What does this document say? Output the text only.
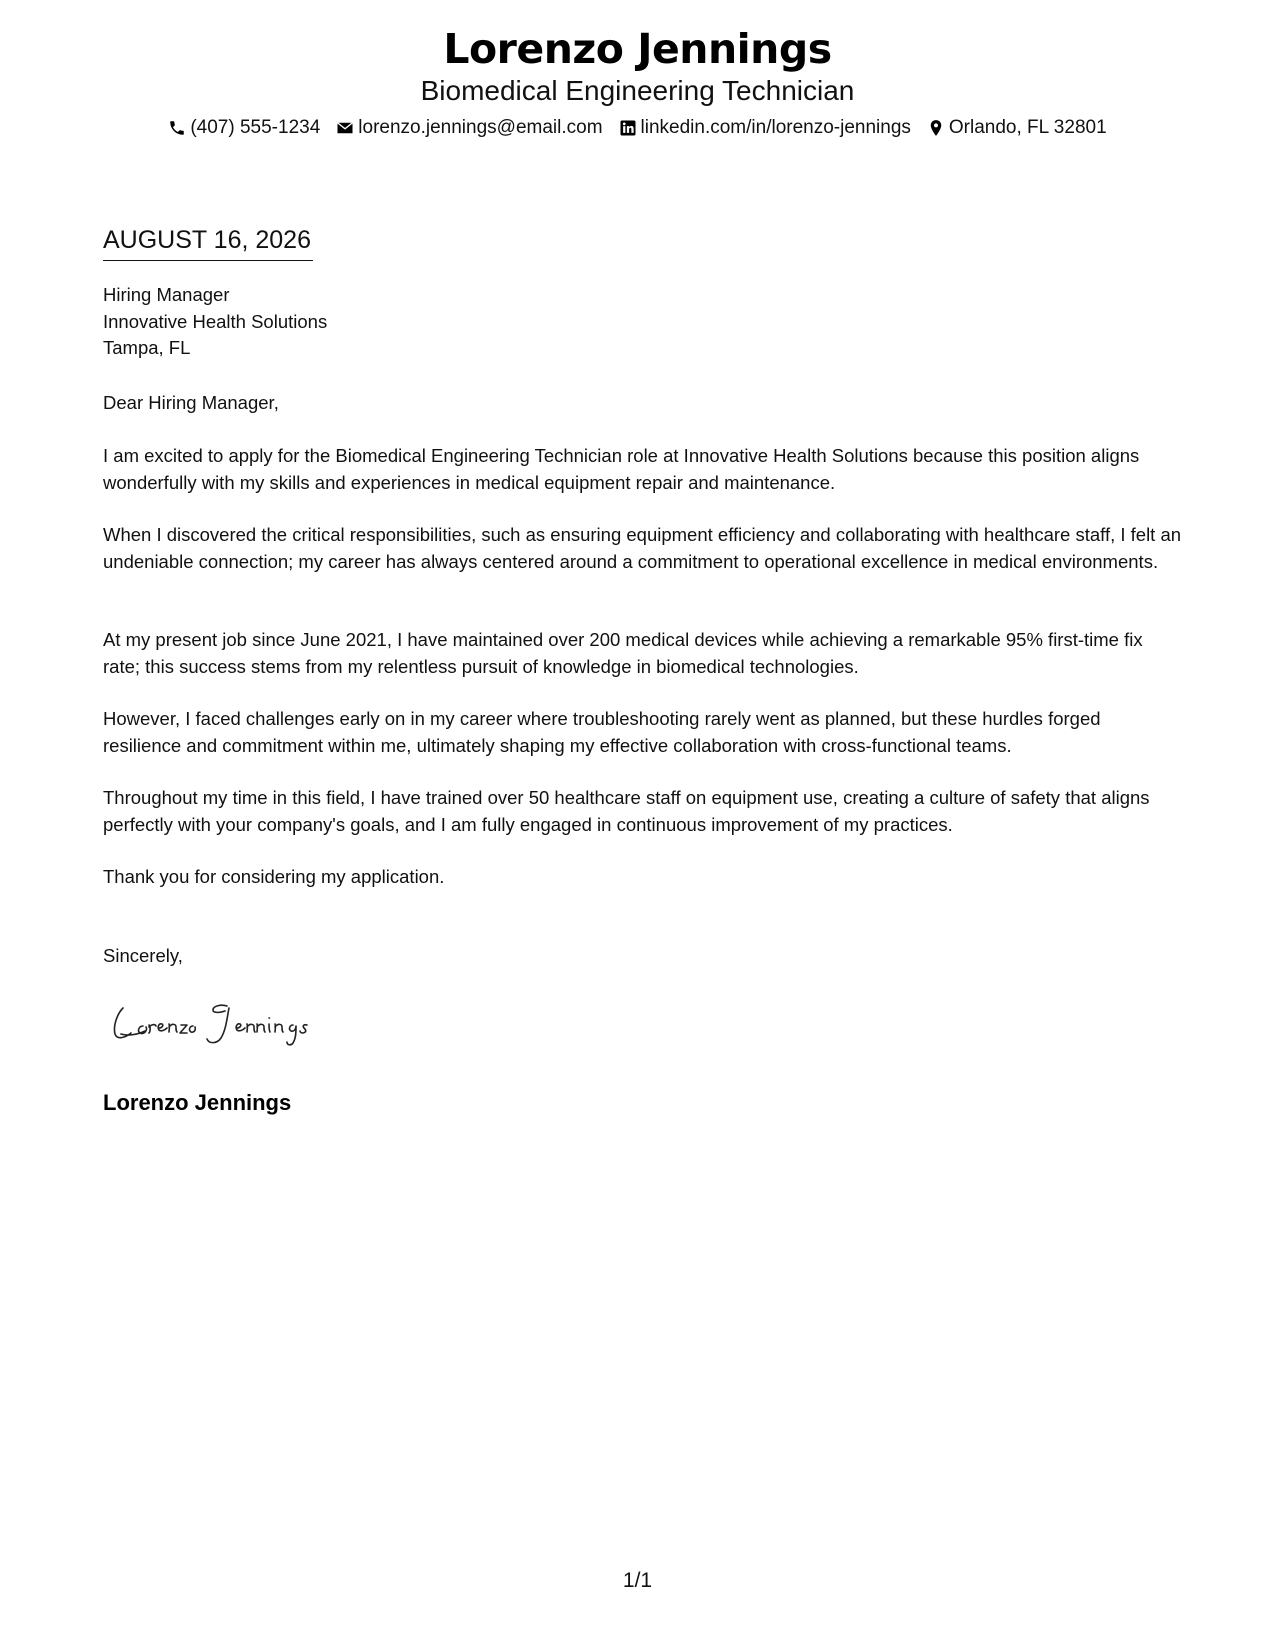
Lorenzo Jennings
Biomedical Engineering Technician
(407) 555-1234 lorenzo.jennings@email.com linkedin.com/in/lorenzo-jennings Orlando, FL 32801
AUGUST 16, 2026
Hiring Manager
Innovative Health Solutions
Tampa, FL
Dear Hiring Manager,
I am excited to apply for the Biomedical Engineering Technician role at Innovative Health Solutions because this position aligns wonderfully with my skills and experiences in medical equipment repair and maintenance.
When I discovered the critical responsibilities, such as ensuring equipment efficiency and collaborating with healthcare staff, I felt an undeniable connection; my career has always centered around a commitment to operational excellence in medical environments.
At my present job since June 2021, I have maintained over 200 medical devices while achieving a remarkable 95% first-time fix rate; this success stems from my relentless pursuit of knowledge in biomedical technologies.
However, I faced challenges early on in my career where troubleshooting rarely went as planned, but these hurdles forged resilience and commitment within me, ultimately shaping my effective collaboration with cross-functional teams.
Throughout my time in this field, I have trained over 50 healthcare staff on equipment use, creating a culture of safety that aligns perfectly with your company's goals, and I am fully engaged in continuous improvement of my practices.
Thank you for considering my application.
Sincerely,
Lorenzo Jennings
1/1
